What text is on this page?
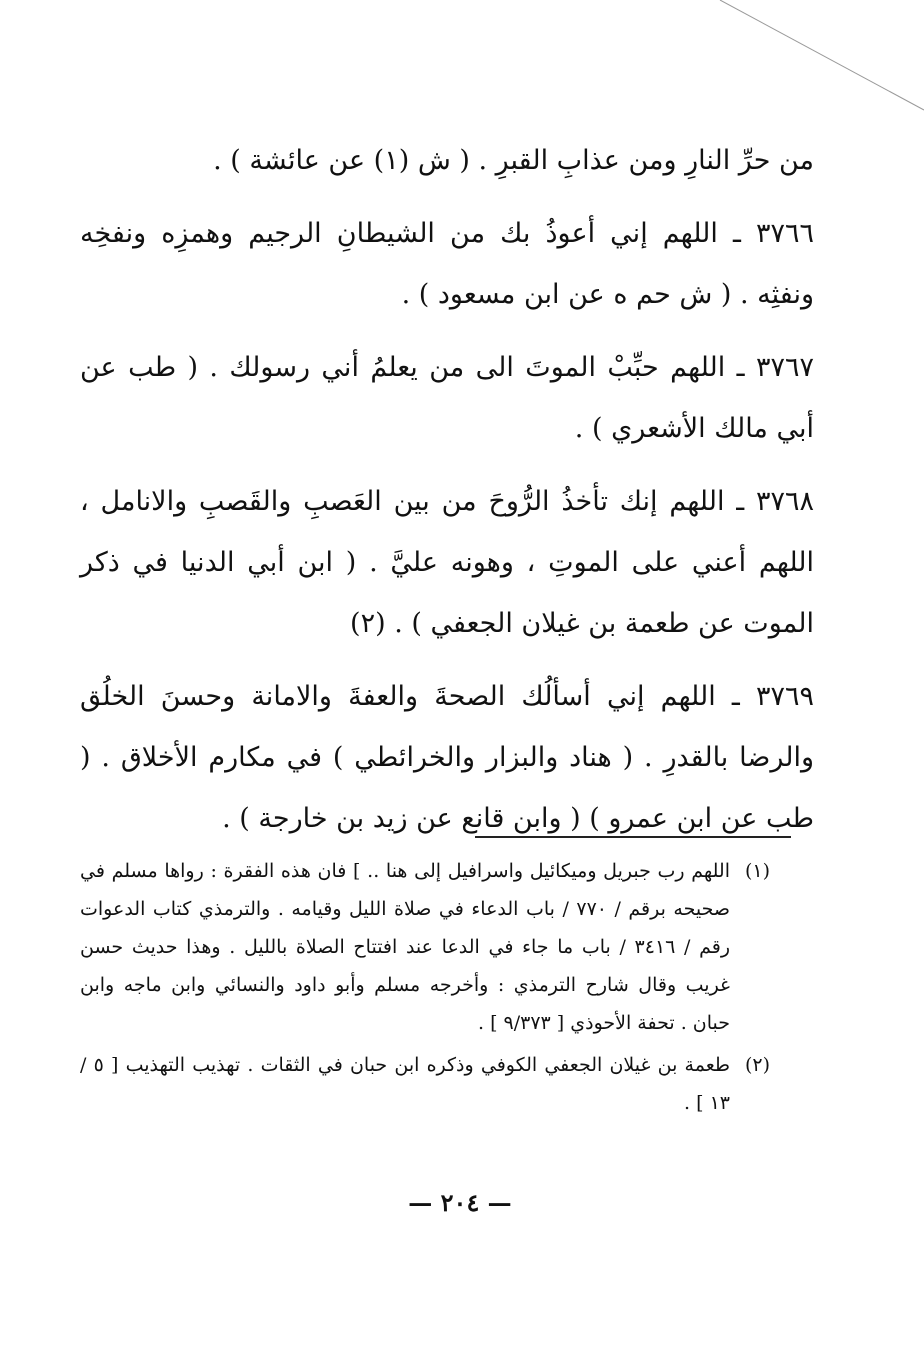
من حرِّ النارِ ومن عذابِ القبرِ . ( ش (١) عن عائشة ) .

٣٧٦٦ ـ اللهم إني أعوذُ بك من الشيطانِ الرجيم وهمزِه ونفخِه ونفثِه . ( ش حم ه عن ابن مسعود ) .

٣٧٦٧ ـ اللهم حبِّبْ الموتَ الى من يعلمُ أني رسولك . ( طب عن أبي مالك الأشعري ) .

٣٧٦٨ ـ اللهم إنك تأخذُ الرُّوحَ من بين العَصبِ والقَصبِ والانامل ، اللهم أعني على الموتِ ، وهونه عليَّ . ( ابن أبي الدنيا في ذكر الموت عن طعمة بن غيلان الجعفي ) . (٢)

٣٧٦٩ ـ اللهم إني أسألُك الصحةَ والعفةَ والامانة وحسنَ الخلُق والرضا بالقدرِ . ( هناد والبزار والخرائطي ) في مكارم الأخلاق . ( طب عن ابن عمرو ) ( وابن قانع عن زيد بن خارجة ) .

(١)
اللهم رب جبريل وميكائيل واسرافيل إلى هنا .. ] فان هذه الفقرة : رواها مسلم في صحيحه برقم / ٧٧٠ / باب الدعاء في صلاة الليل وقيامه . والترمذي كتاب الدعوات رقم / ٣٤١٦ / باب ما جاء في الدعا عند افتتاح الصلاة بالليل . وهذا حديث حسن غريب وقال شارح الترمذي : وأخرجه مسلم وأبو داود والنسائي وابن ماجه وابن حبان . تحفة الأحوذي [ ٩/٣٧٣ ] .
(٢)
طعمة بن غيلان الجعفي الكوفي وذكره ابن حبان في الثقات . تهذيب التهذيب [ ٥ / ١٣ ] .
— ٢٠٤ —
